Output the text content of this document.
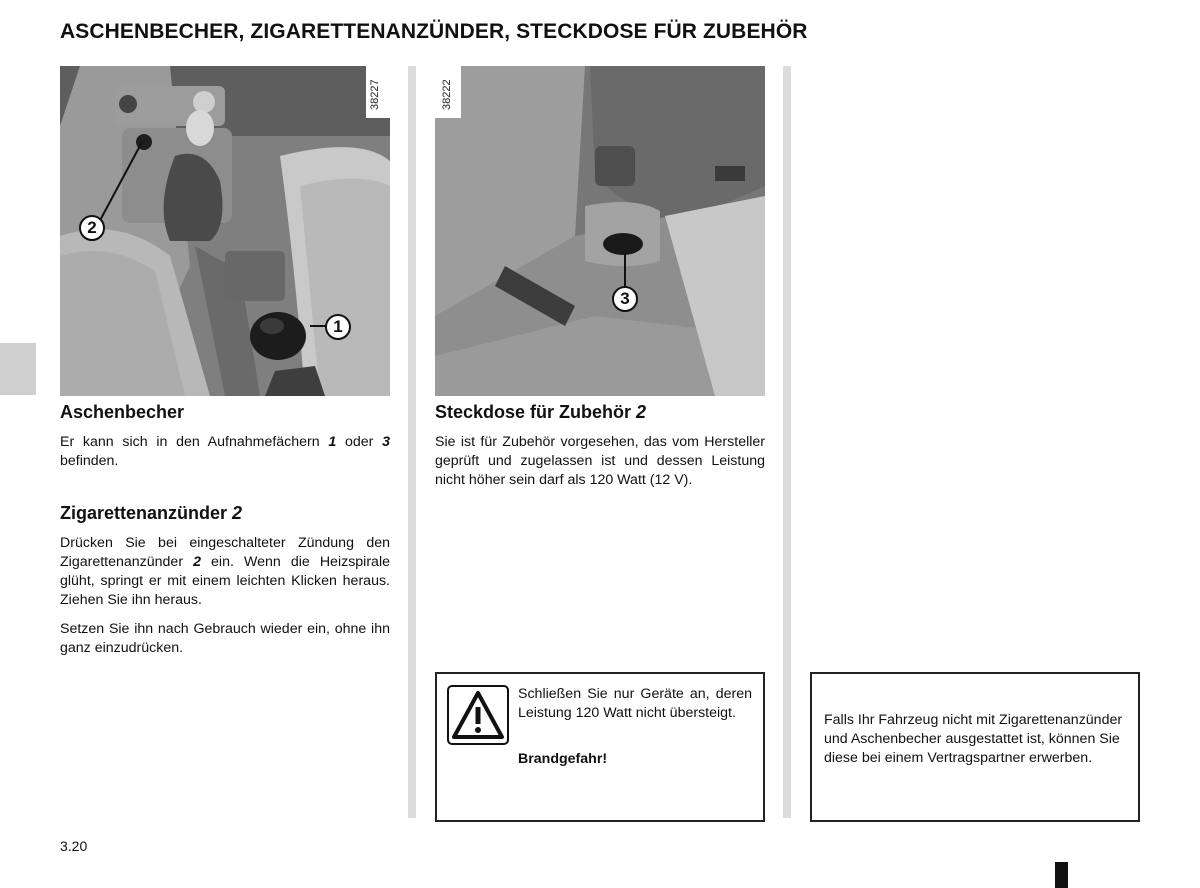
ASCHENBECHER, ZIGARETTENANZÜNDER, STECKDOSE FÜR ZUBEHÖR
38227
2
1
38222
3
Aschenbecher
Er kann sich in den Aufnahmefächern 1 oder 3 befinden.
Zigarettenanzünder 2
Drücken Sie bei eingeschalteter Zündung den Zigarettenanzünder 2 ein. Wenn die Heizspirale glüht, springt er mit einem leichten Klicken heraus. Ziehen Sie ihn heraus.
Setzen Sie ihn nach Gebrauch wieder ein, ohne ihn ganz einzudrücken.
Steckdose für Zubehör 2
Sie ist für Zubehör vorgesehen, das vom Hersteller geprüft und zugelassen ist und dessen Leistung nicht höher sein darf als 120 Watt (12 V).
Schließen Sie nur Geräte an, deren Leistung 120 Watt nicht übersteigt.
Brandgefahr!
Falls Ihr Fahrzeug nicht mit Zigarettenanzünder und Aschenbecher ausgestattet ist, können Sie diese bei einem Vertragspartner erwerben.
3.20
